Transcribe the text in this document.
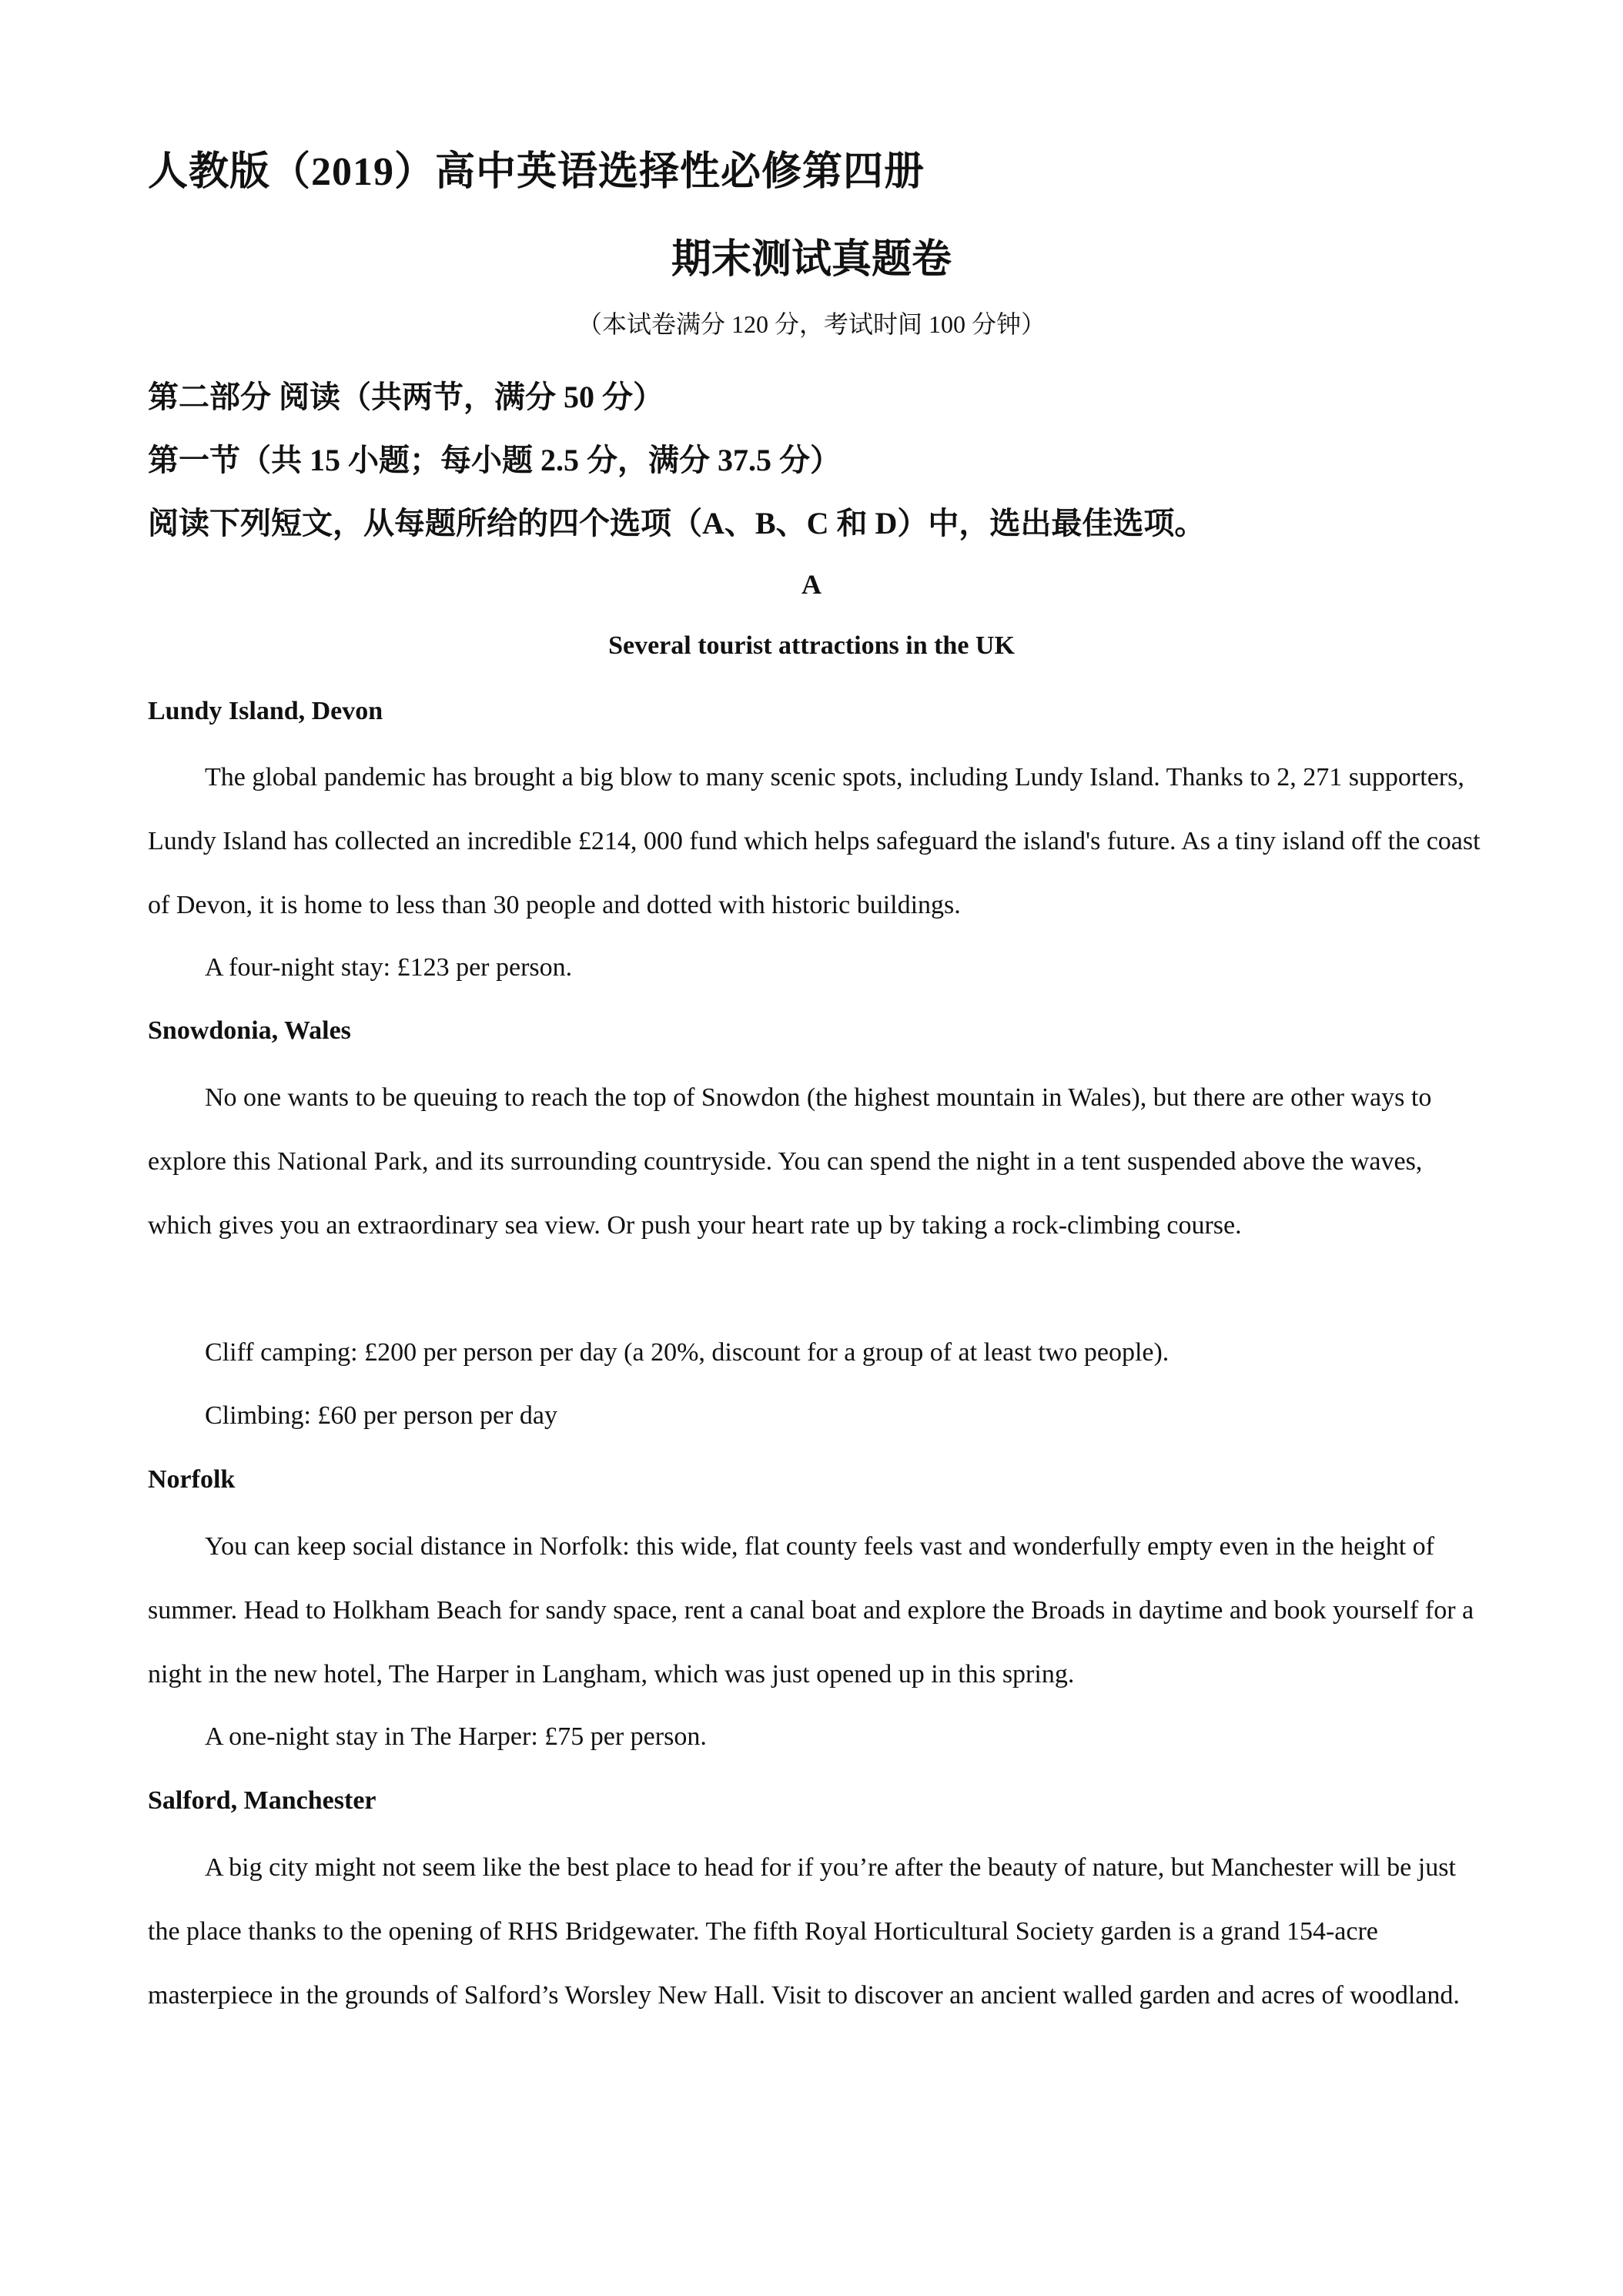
人教版（2019）高中英语选择性必修第四册
期末测试真题卷

（本试卷满分 120 分，考试时间 100 分钟）

第二部分 阅读（共两节，满分 50 分）

第一节（共 15 小题；每小题 2.5 分，满分 37.5 分）

阅读下列短文，从每题所给的四个选项（A、B、C 和 D）中，选出最佳选项。

A

Several tourist attractions in the UK

Lundy Island, Devon

The global pandemic has brought a big blow to many scenic spots, including Lundy Island. Thanks to 2, 271 supporters, Lundy Island has collected an incredible £214, 000 fund which helps safeguard the island's future. As a tiny island off the coast of Devon, it is home to less than 30 people and dotted with historic buildings.

A four-night stay: £123 per person.

Snowdonia, Wales

No one wants to be queuing to reach the top of Snowdon (the highest mountain in Wales), but there are other ways to explore this National Park, and its surrounding countryside. You can spend the night in a tent suspended above the waves, which gives you an extraordinary sea view. Or push your heart rate up by taking a rock-climbing course.

Cliff camping: £200 per person per day (a 20%, discount for a group of at least two people).

Climbing: £60 per person per day

Norfolk

You can keep social distance in Norfolk: this wide, flat county feels vast and wonderfully empty even in the height of summer. Head to Holkham Beach for sandy space, rent a canal boat and explore the Broads in daytime and book yourself for a night in the new hotel, The Harper in Langham, which was just opened up in this spring.

A one-night stay in The Harper: £75 per person.

Salford, Manchester

A big city might not seem like the best place to head for if you’re after the beauty of nature, but Manchester will be just the place thanks to the opening of RHS Bridgewater. The fifth Royal Horticultural Society garden is a grand 154-acre masterpiece in the grounds of Salford’s Worsley New Hall. Visit to discover an ancient walled garden and acres of woodland.
